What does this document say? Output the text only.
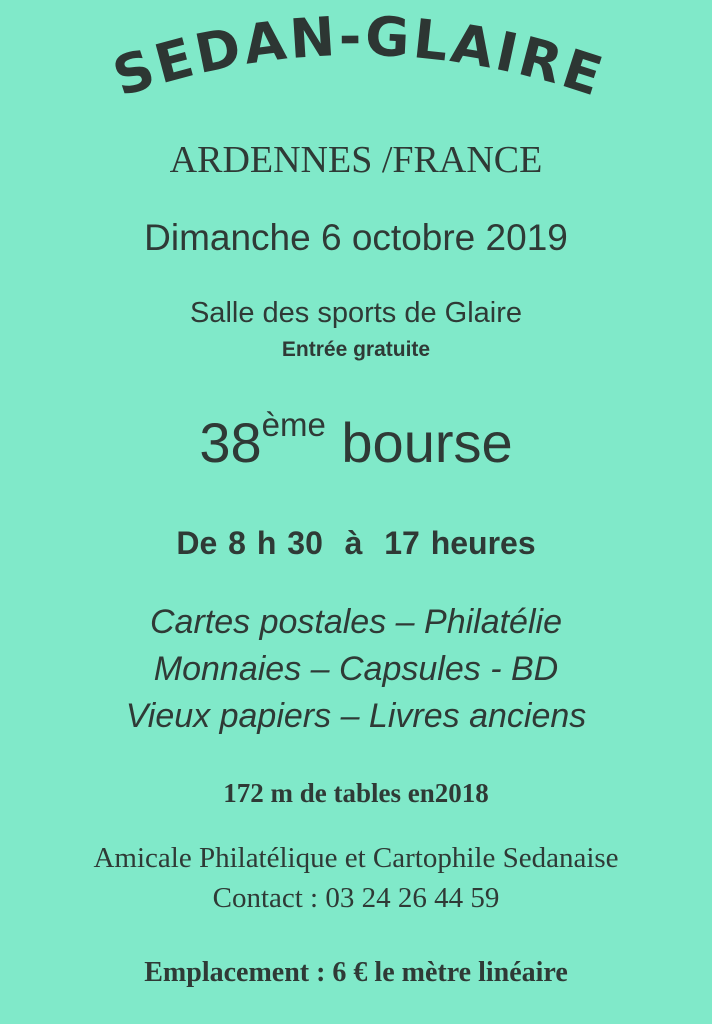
SEDAN-GLAIRE
ARDENNES /FRANCE
Dimanche 6 octobre 2019
Salle des sports de Glaire
Entrée gratuite
38ème bourse
De 8 h 30  à  17 heures
Cartes postales – Philatélie
Monnaies – Capsules - BD
Vieux papiers – Livres anciens
172 m de tables en2018
Amicale Philatélique et Cartophile Sedanaise
Contact : 03 24 26 44 59
Emplacement : 6 € le mètre linéaire
